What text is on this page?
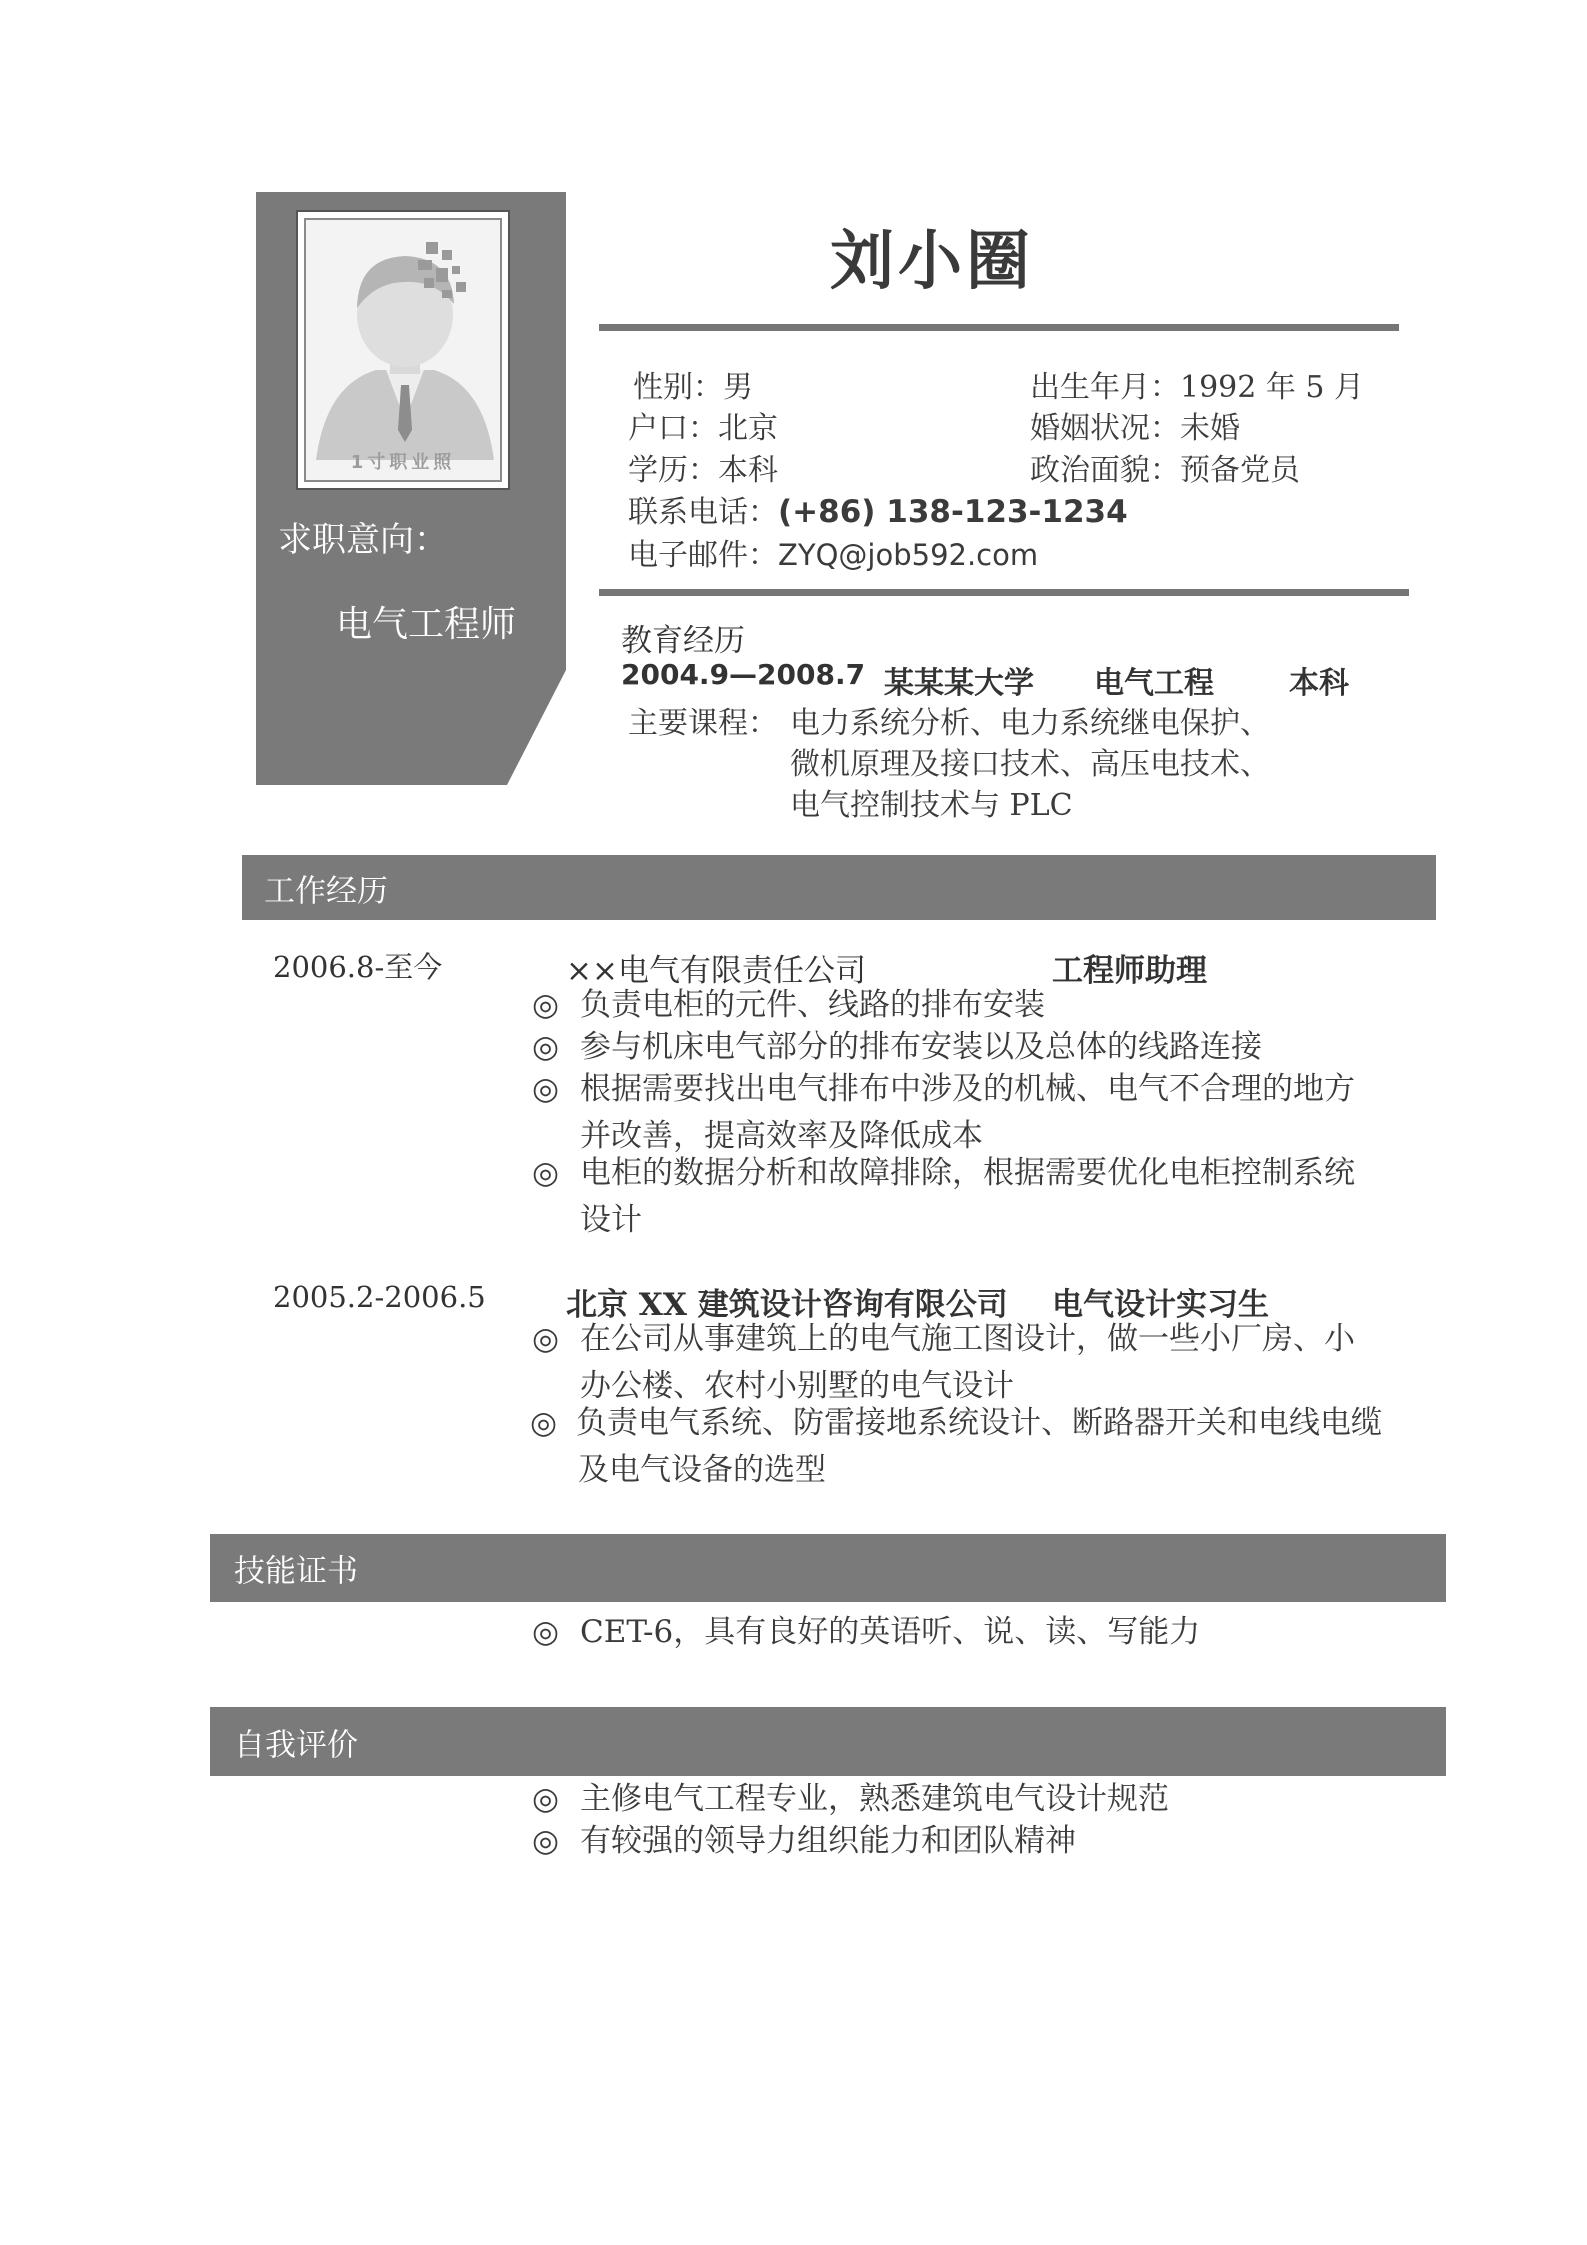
1寸职业照
求职意向：
电气工程师
刘小圈
性别：男	出生年月：1992 年 5 月
户口：北京	婚姻状况：未婚
学历：本科	政治面貌：预备党员
联系电话：(+86) 138-123-1234
电子邮件：ZYQ@job592.com
教育经历
2004.9—2008.7 某某某大学 电气工程	本科
主要课程： 电力系统分析、电力系统继电保护、
微机原理及接口技术、高压电技术、
电气控制技术与 PLC
工作经历
2006.8-至今	××电气有限责任公司	工程师助理
◎ 负责电柜的元件、线路的排布安装
◎ 参与机床电气部分的排布安装以及总体的线路连接
◎ 根据需要找出电气排布中涉及的机械、电气不合理的地方
并改善，提高效率及降低成本
◎ 电柜的数据分析和故障排除，根据需要优化电柜控制系统
设计
2005.2-2006.5	北京 XX 建筑设计咨询有限公司 电气设计实习生
◎ 在公司从事建筑上的电气施工图设计，做一些小厂房、小
办公楼、农村小别墅的电气设计
◎ 负责电气系统、防雷接地系统设计、断路器开关和电线电缆
及电气设备的选型
技能证书
◎ CET-6，具有良好的英语听、说、读、写能力
自我评价
◎ 主修电气工程专业，熟悉建筑电气设计规范
◎ 有较强的领导力组织能力和团队精神
